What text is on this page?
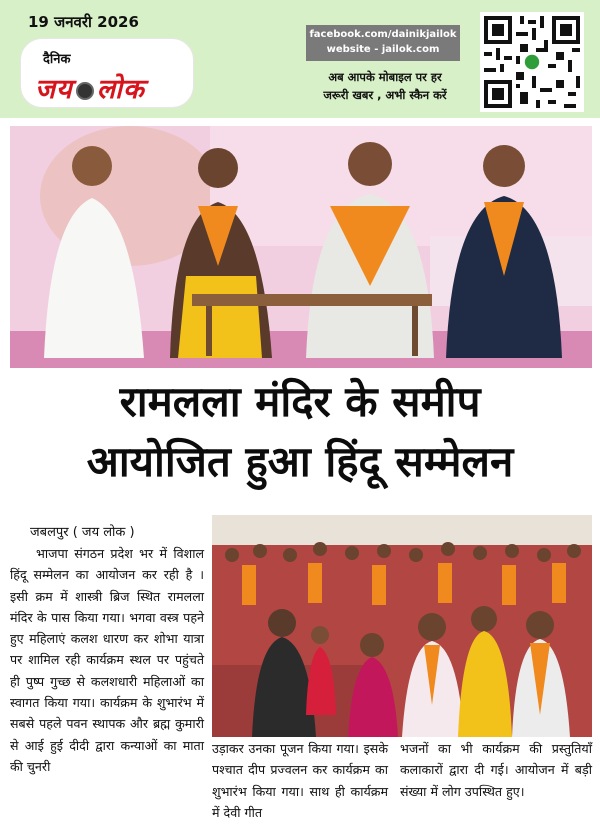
19 जनवरी 2026
दैनिक
जय लोक
facebook.com/dainikjailok
website - jailok.com
अब आपके मोबाइल पर हर
जरूरी खबर , अभी स्कैन करें
रामलला मंदिर के समीप
आयोजित हुआ हिंदू सम्मेलन
जबलपुर ( जय लोक )

भाजपा संगठन प्रदेश भर में विशाल हिंदू सम्मेलन का आयोजन कर रही है । इसी क्रम में शास्त्री ब्रिज स्थित रामलला मंदिर के पास किया गया। भगवा वस्त्र पहने हुए महिलाएं कलश धारण कर शोभा यात्रा पर शामिल रही कार्यक्रम स्थल पर पहुंचते ही पुष्प गुच्छ से कलशधारी महिलाओं का स्वागत किया गया। कार्यक्रम के शुभारंभ में सबसे पहले पवन स्थापक और ब्रह्म कुमारी से आई हुई दीदी द्वारा कन्याओं का माता की चुनरी

उड़ाकर उनका पूजन किया गया। इसके पश्चात दीप प्रज्वलन कर कार्यक्रम का शुभारंभ किया गया। साथ ही कार्यक्रम में देवी गीत

भजनों का भी कार्यक्रम की प्रस्तुतियाँ कलाकारों द्वारा दी गई। आयोजन में बड़ी संख्या में लोग उपस्थित हुए।
